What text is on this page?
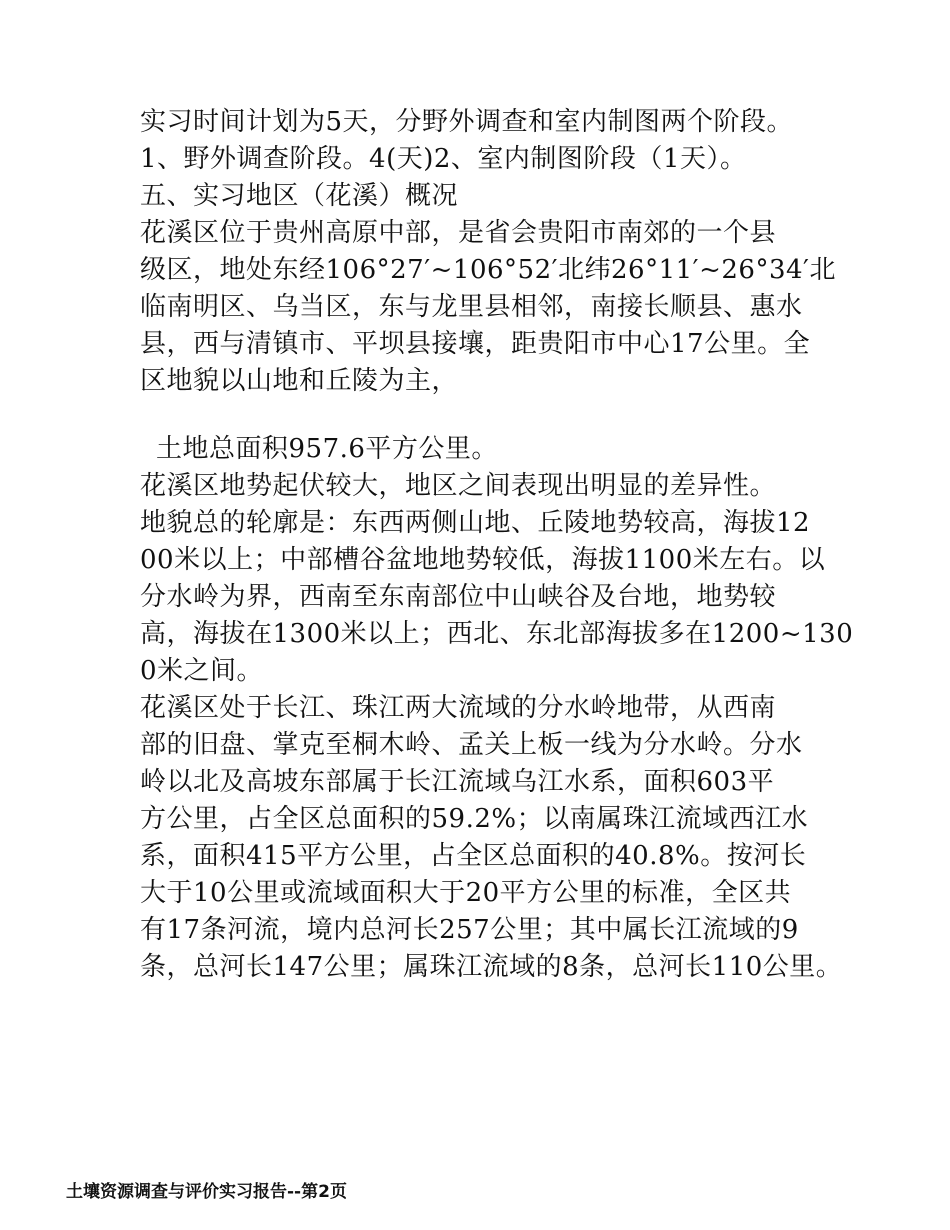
实习时间计划为5天，分野外调查和室内制图两个阶段。
1、野外调查阶段。4(天)2、室内制图阶段（1天）。
五、实习地区（花溪）概况
花溪区位于贵州高原中部，是省会贵阳市南郊的一个县
级区，地处东经106°27′~106°52′北纬26°11′~26°34′北
临南明区、乌当区，东与龙里县相邻，南接长顺县、惠水
县，西与清镇市、平坝县接壤，距贵阳市中心17公里。全
区地貌以山地和丘陵为主，
土地总面积957.6平方公里。
花溪区地势起伏较大，地区之间表现出明显的差异性。
地貌总的轮廓是：东西两侧山地、丘陵地势较高，海拔12
00米以上；中部槽谷盆地地势较低，海拔1100米左右。以
分水岭为界，西南至东南部位中山峡谷及台地，地势较
高，海拔在1300米以上；西北、东北部海拔多在1200~130
0米之间。
花溪区处于长江、珠江两大流域的分水岭地带，从西南
部的旧盘、掌克至桐木岭、孟关上板一线为分水岭。分水
岭以北及高坡东部属于长江流域乌江水系，面积603平
方公里，占全区总面积的59.2%；以南属珠江流域西江水
系，面积415平方公里，占全区总面积的40.8%。按河长
大于10公里或流域面积大于20平方公里的标准，全区共
有17条河流，境内总河长257公里；其中属长江流域的9
条，总河长147公里；属珠江流域的8条，总河长110公里。
土壤资源调查与评价实习报告--第2页
